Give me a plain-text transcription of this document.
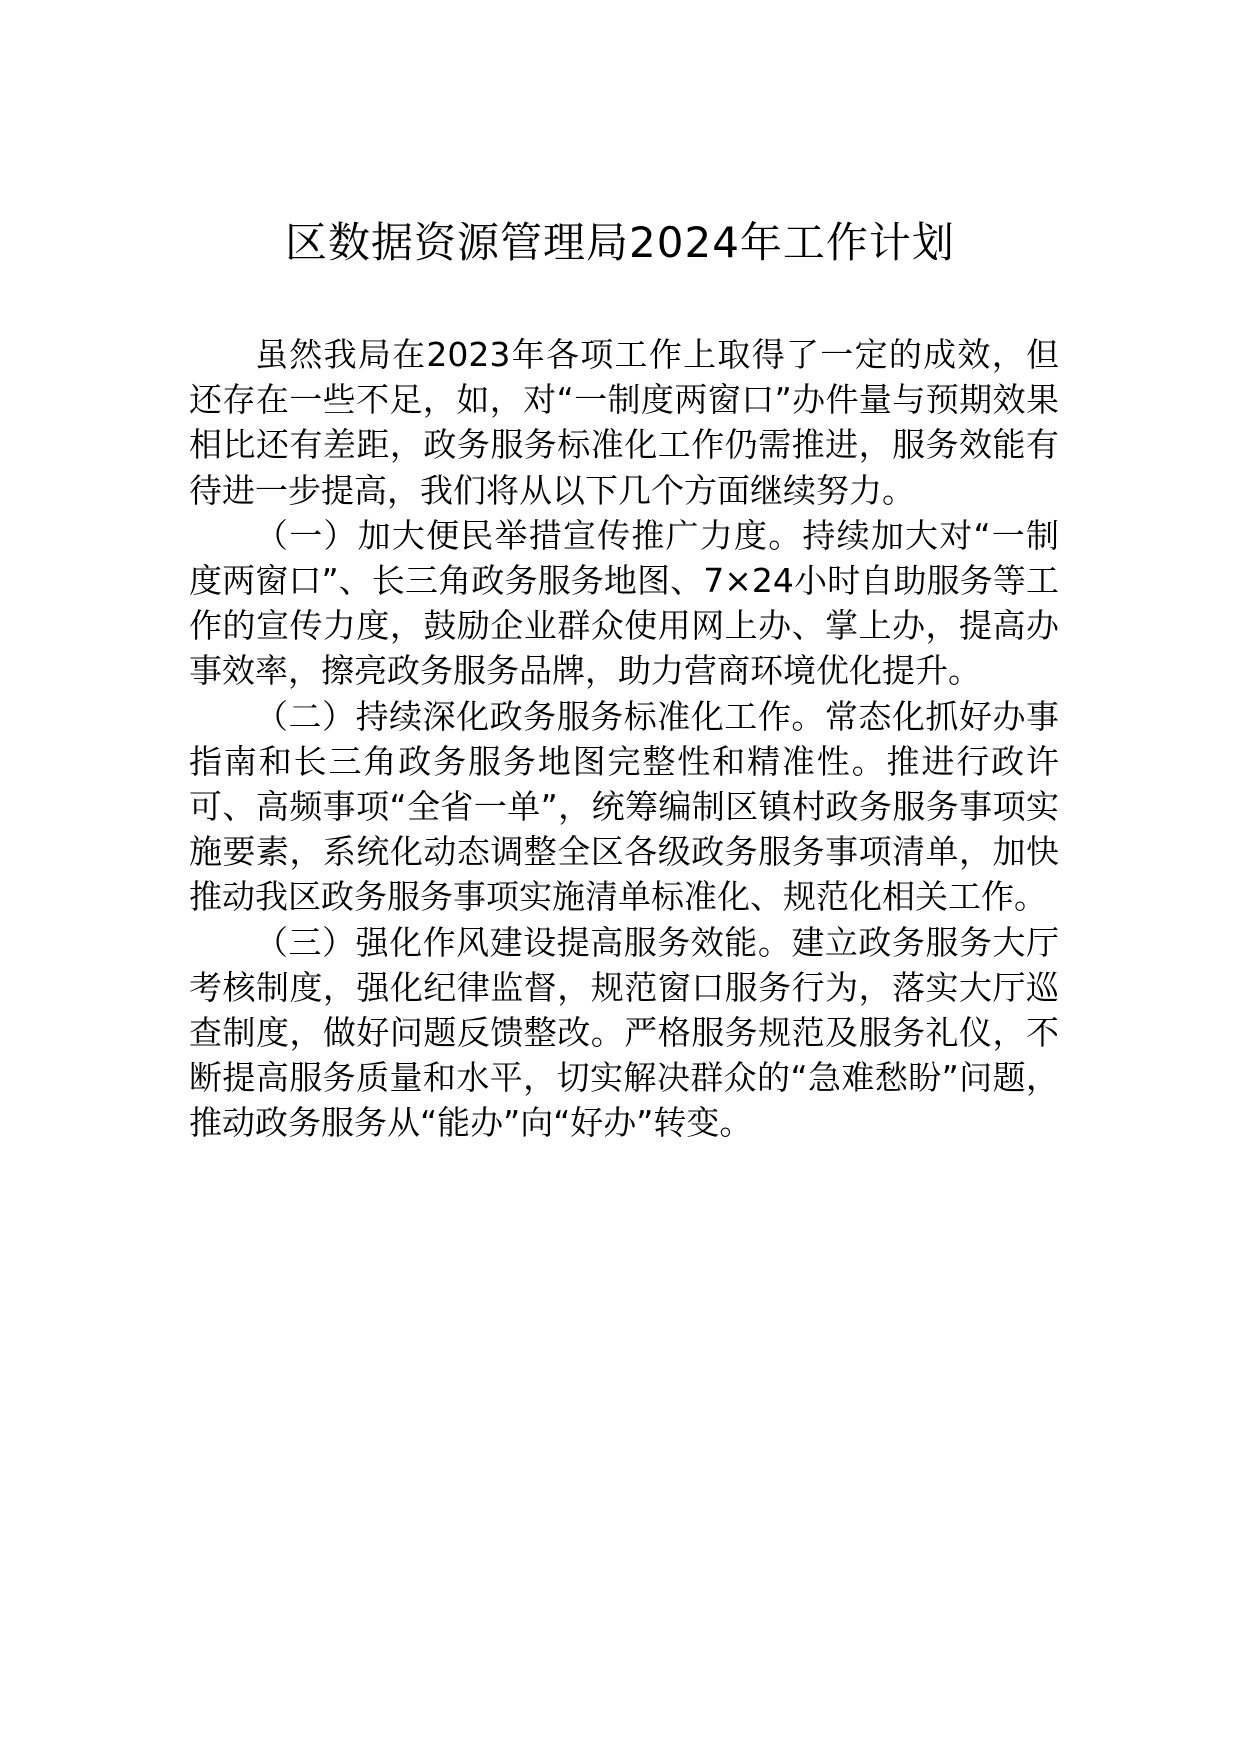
区数据资源管理局2024年工作计划

虽然我局在2023年各项工作上取得了一定的成效，但还存在一些不足，如，对“一制度两窗口”办件量与预期效果相比还有差距，政务服务标准化工作仍需推进，服务效能有待进一步提高，我们将从以下几个方面继续努力。

（一）加大便民举措宣传推广力度。持续加大对“一制度两窗口”、长三角政务服务地图、7×24小时自助服务等工作的宣传力度，鼓励企业群众使用网上办、掌上办，提高办事效率，擦亮政务服务品牌，助力营商环境优化提升。

（二）持续深化政务服务标准化工作。常态化抓好办事指南和长三角政务服务地图完整性和精准性。推进行政许可、高频事项“全省一单”，统筹编制区镇村政务服务事项实施要素，系统化动态调整全区各级政务服务事项清单，加快推动我区政务服务事项实施清单标准化、规范化相关工作。

（三）强化作风建设提高服务效能。建立政务服务大厅考核制度，强化纪律监督，规范窗口服务行为，落实大厅巡查制度，做好问题反馈整改。严格服务规范及服务礼仪，不断提高服务质量和水平，切实解决群众的“急难愁盼”问题，推动政务服务从“能办”向“好办”转变。
